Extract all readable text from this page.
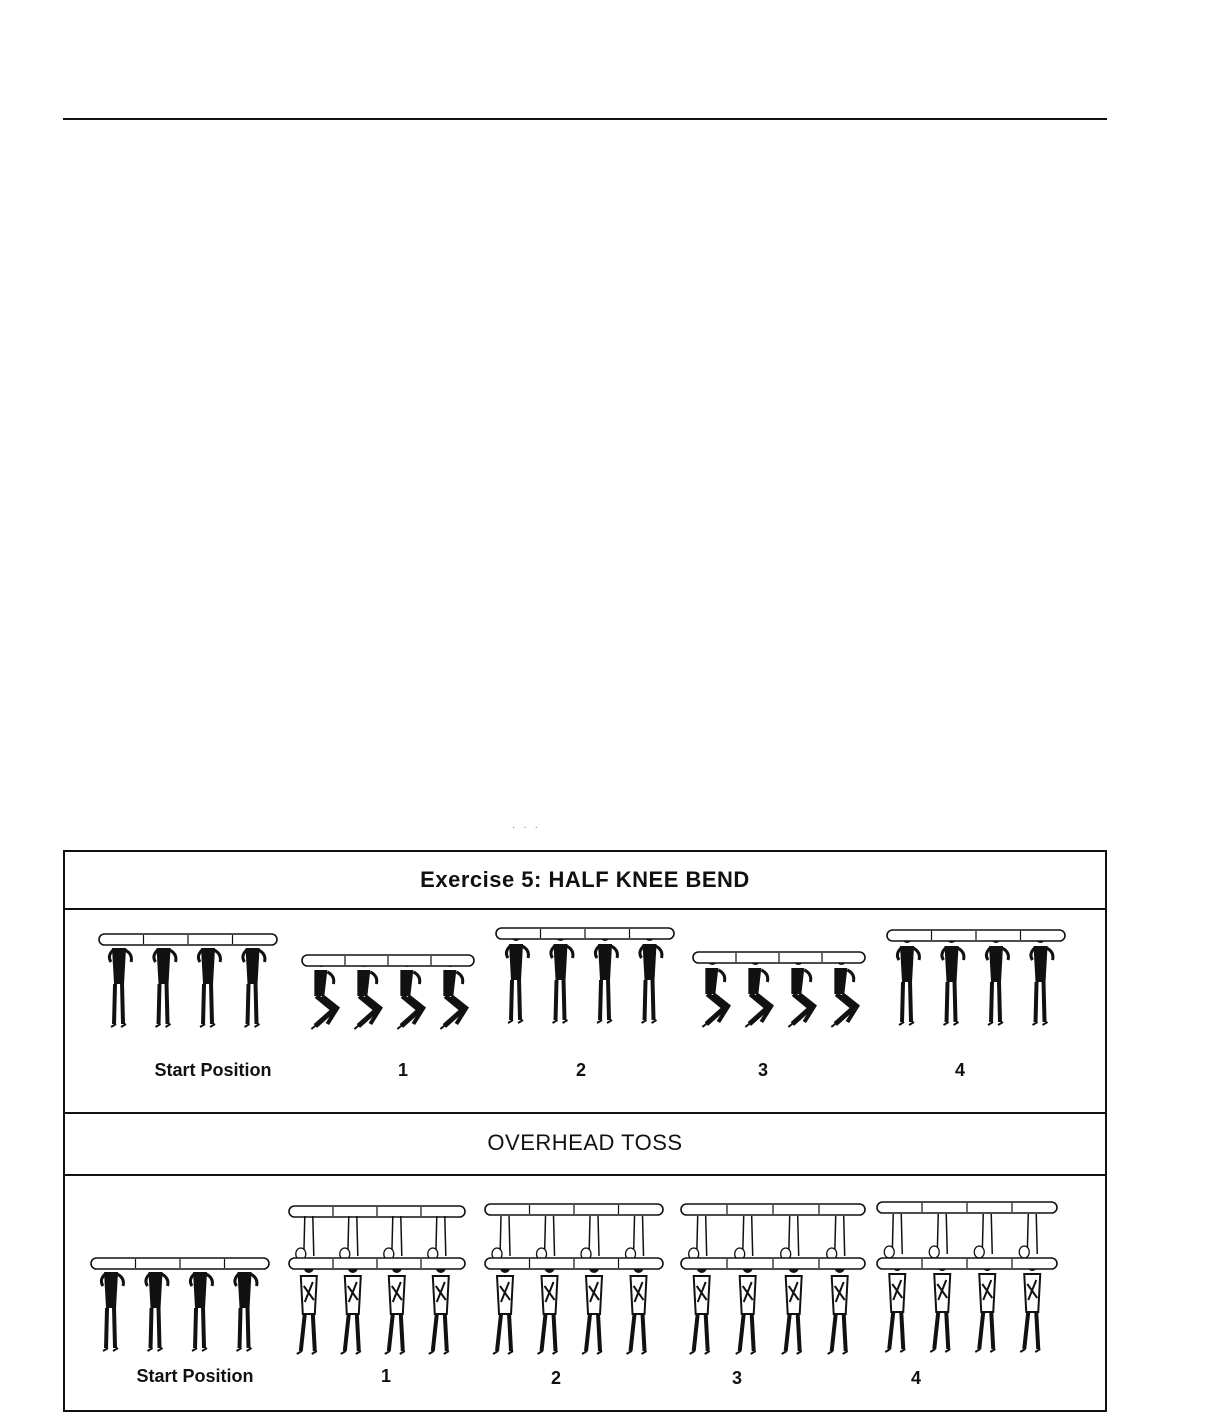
···
Exercise 5: HALF KNEE BEND
Start Position	1	2	3	4
OVERHEAD TOSS
Start Position	1	2	3	4
